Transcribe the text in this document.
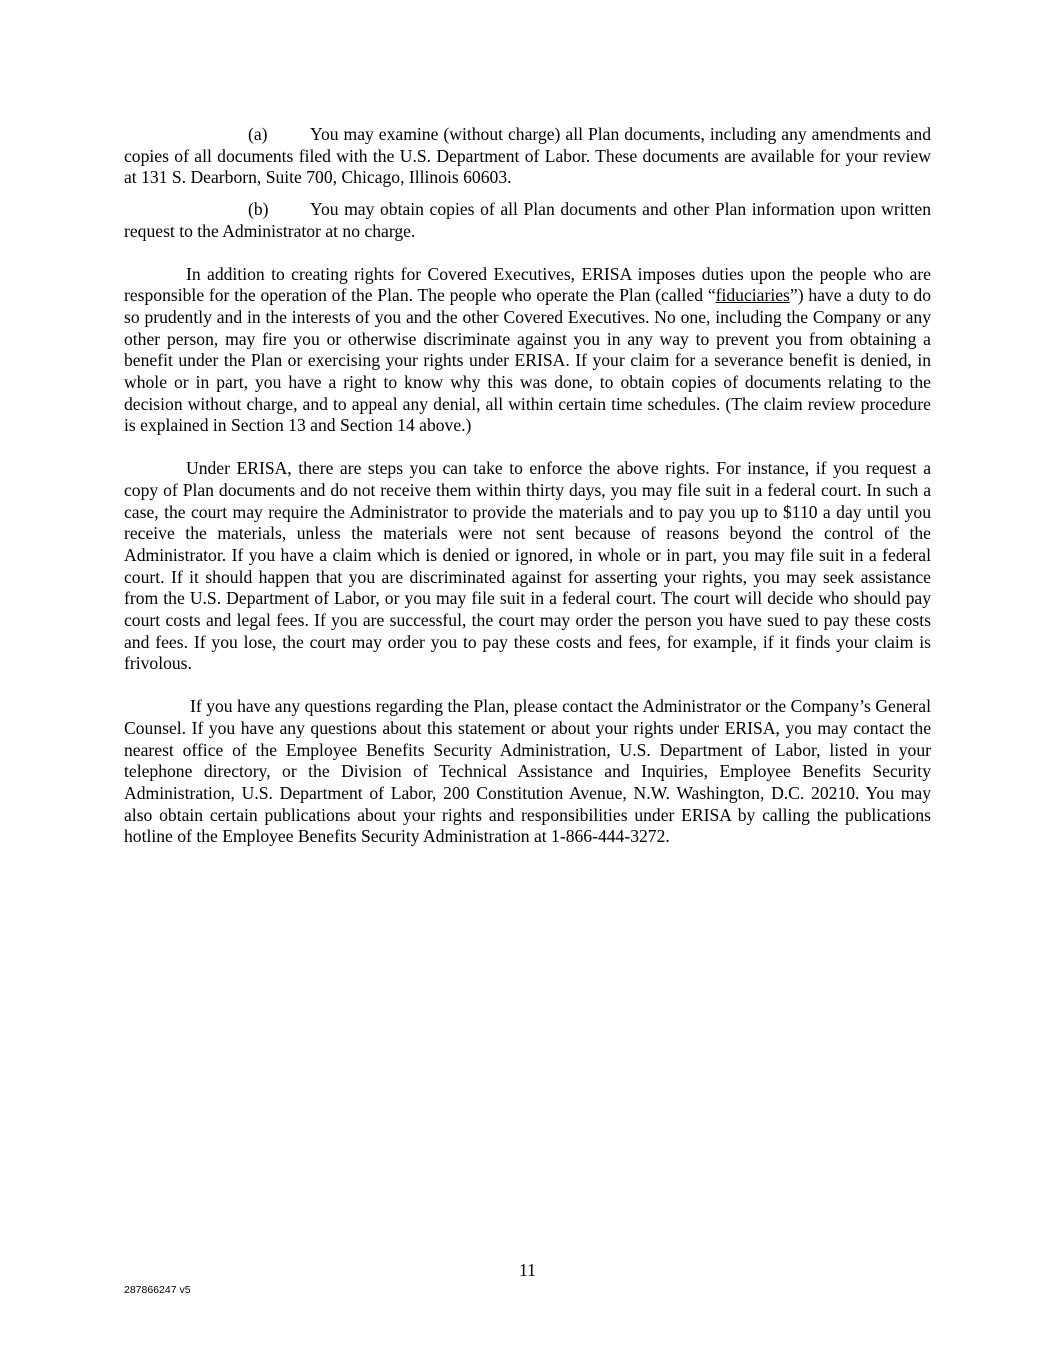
(a) You may examine (without charge) all Plan documents, including any amendments and copies of all documents filed with the U.S. Department of Labor. These documents are available for your review at 131 S. Dearborn, Suite 700, Chicago, Illinois 60603.

(b) You may obtain copies of all Plan documents and other Plan information upon written request to the Administrator at no charge.

In addition to creating rights for Covered Executives, ERISA imposes duties upon the people who are responsible for the operation of the Plan. The people who operate the Plan (called “fiduciaries”) have a duty to do so prudently and in the interests of you and the other Covered Executives. No one, including the Company or any other person, may fire you or otherwise discriminate against you in any way to prevent you from obtaining a benefit under the Plan or exercising your rights under ERISA. If your claim for a severance benefit is denied, in whole or in part, you have a right to know why this was done, to obtain copies of documents relating to the decision without charge, and to appeal any denial, all within certain time schedules. (The claim review procedure is explained in Section 13 and Section 14 above.)

Under ERISA, there are steps you can take to enforce the above rights. For instance, if you request a copy of Plan documents and do not receive them within thirty days, you may file suit in a federal court. In such a case, the court may require the Administrator to provide the materials and to pay you up to $110 a day until you receive the materials, unless the materials were not sent because of reasons beyond the control of the Administrator. If you have a claim which is denied or ignored, in whole or in part, you may file suit in a federal court. If it should happen that you are discriminated against for asserting your rights, you may seek assistance from the U.S. Department of Labor, or you may file suit in a federal court. The court will decide who should pay court costs and legal fees. If you are successful, the court may order the person you have sued to pay these costs and fees. If you lose, the court may order you to pay these costs and fees, for example, if it finds your claim is frivolous.

If you have any questions regarding the Plan, please contact the Administrator or the Company’s General Counsel. If you have any questions about this statement or about your rights under ERISA, you may contact the nearest office of the Employee Benefits Security Administration, U.S. Department of Labor, listed in your telephone directory, or the Division of Technical Assistance and Inquiries, Employee Benefits Security Administration, U.S. Department of Labor, 200 Constitution Avenue, N.W. Washington, D.C. 20210. You may also obtain certain publications about your rights and responsibilities under ERISA by calling the publications hotline of the Employee Benefits Security Administration at 1-866-444-3272.

11
287866247 v5
